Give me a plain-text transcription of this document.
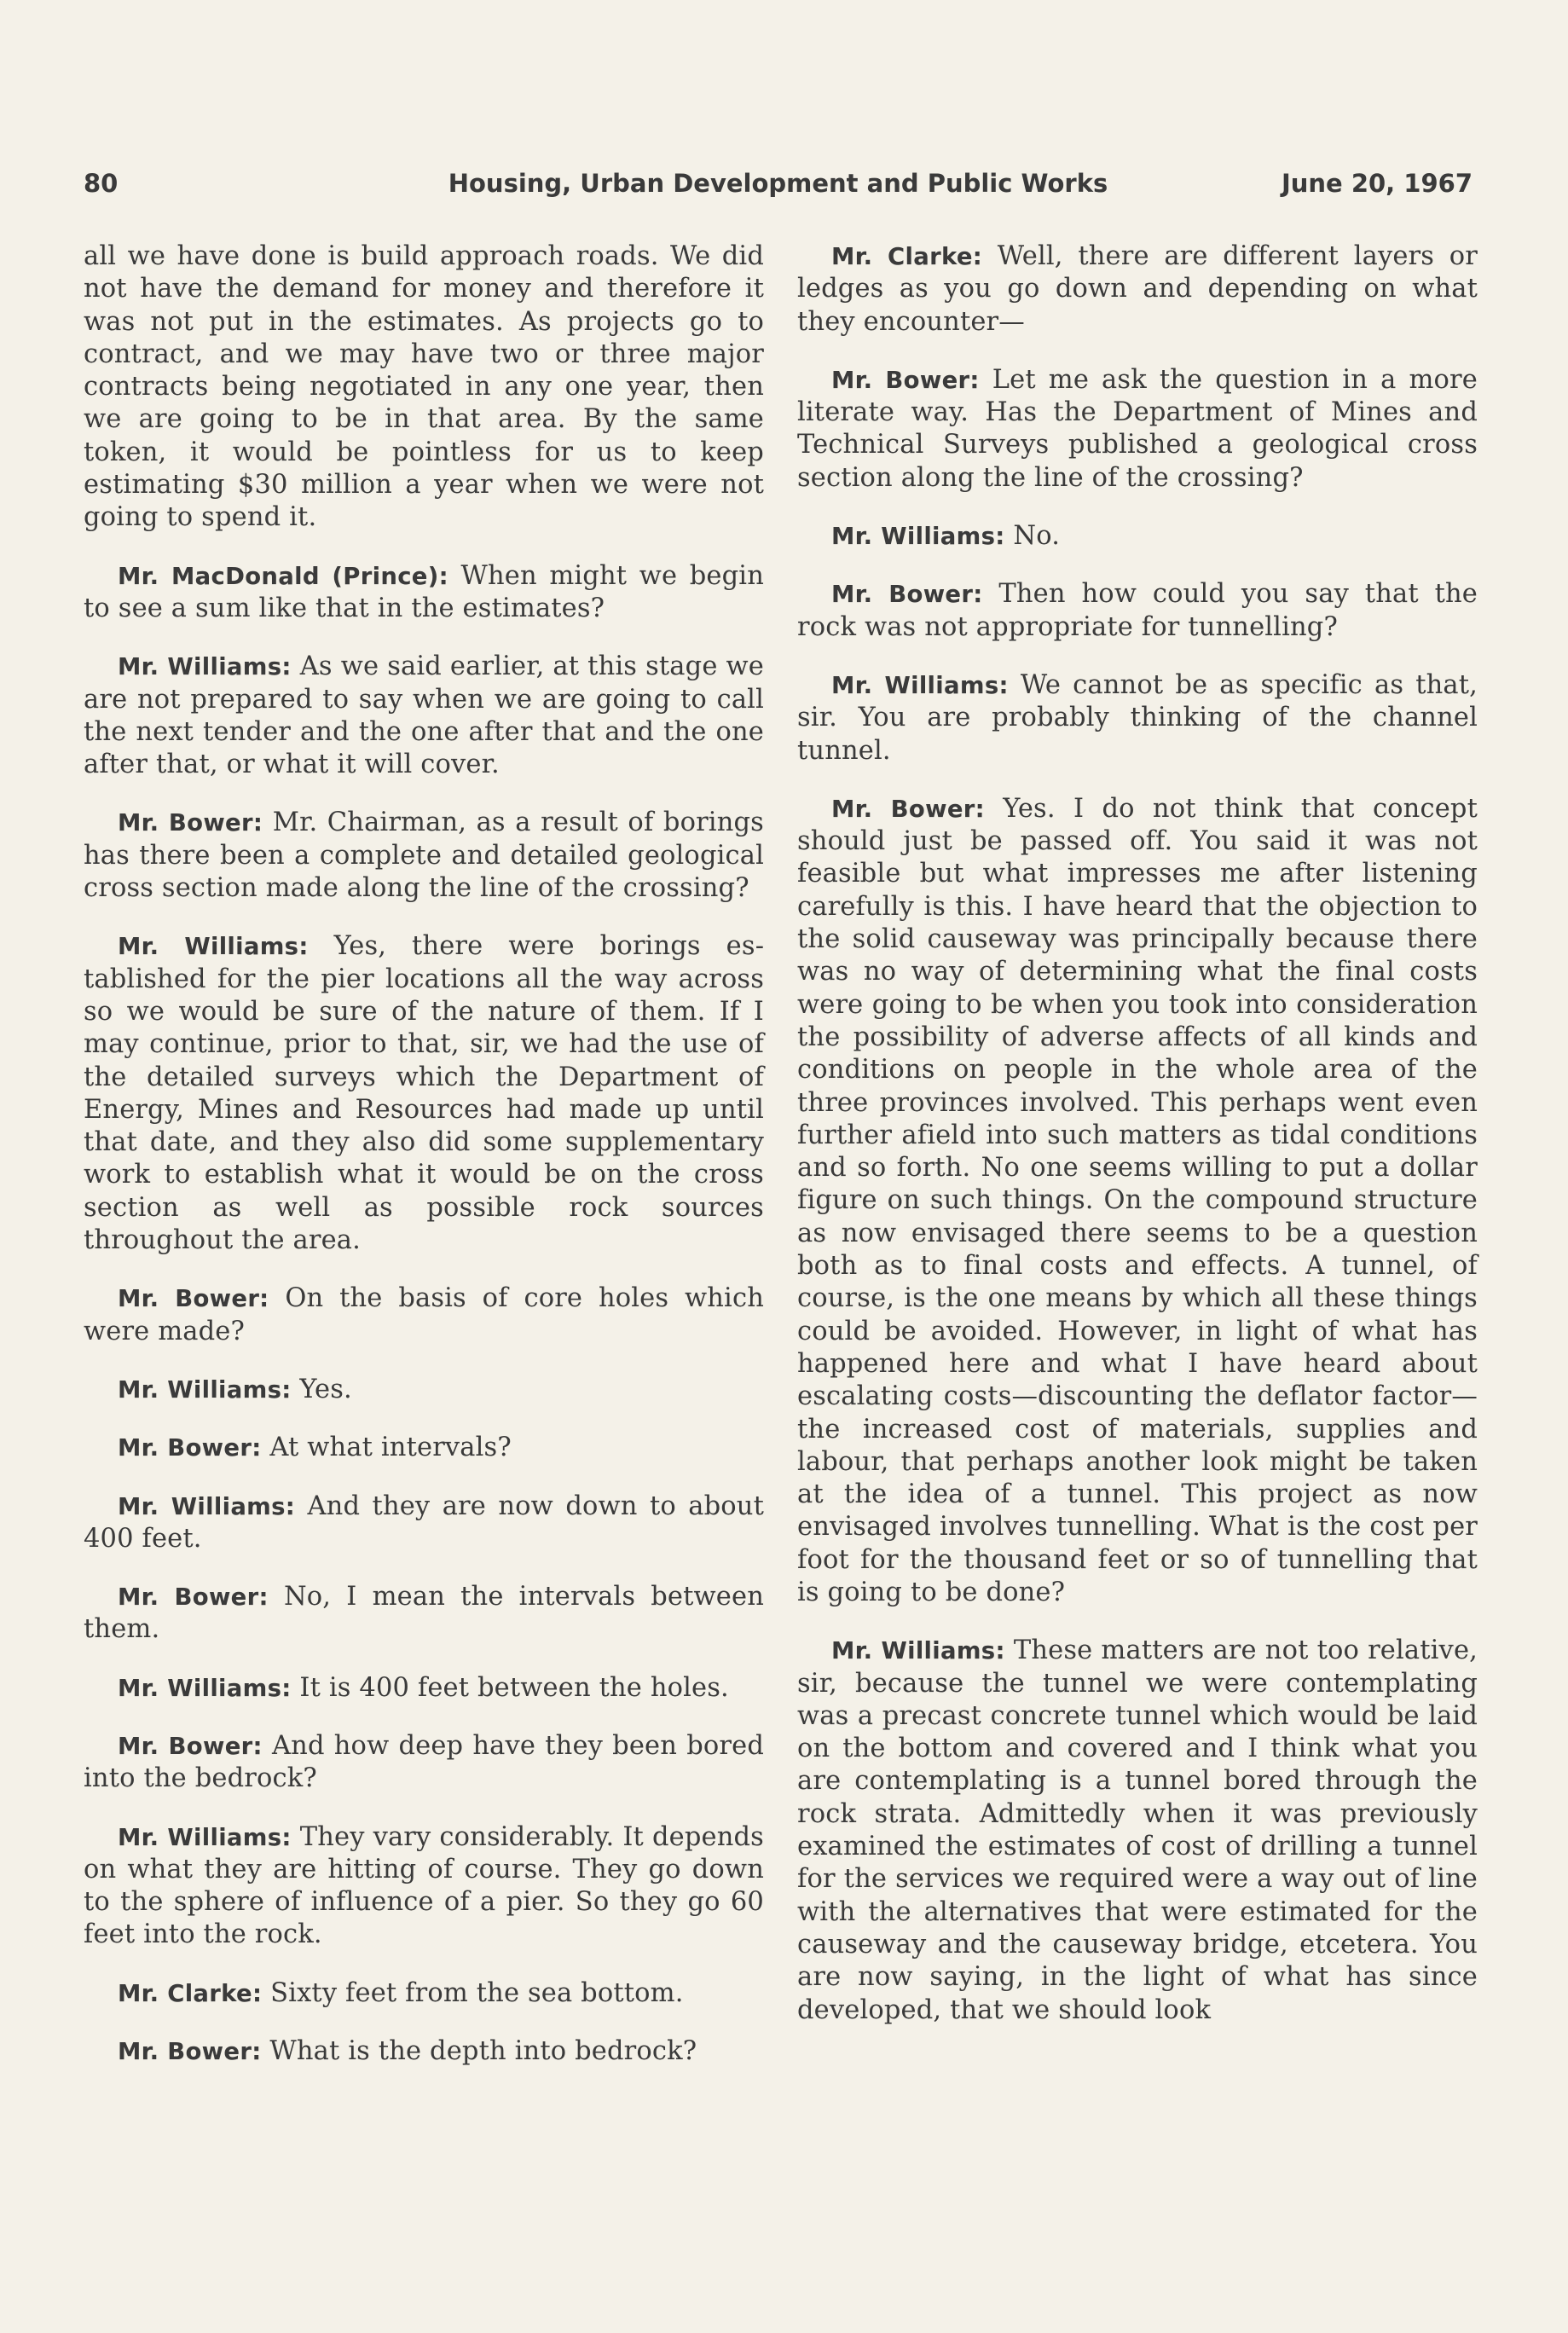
80	Housing, Urban Development and Public Works	June 20, 1967

all we have done is build approach roads. We did not have the demand for money and therefore it was not put in the estimates. As projects go to contract, and we may have two or three major contracts being negotiated in any one year, then we are going to be in that area. By the same token, it would be pointless for us to keep estimating $30 million a year when we were not going to spend it.

Mr. MacDonald (Prince): When might we begin to see a sum like that in the estimates?

Mr. Williams: As we said earlier, at this stage we are not prepared to say when we are going to call the next tender and the one after that and the one after that, or what it will cover.

Mr. Bower: Mr. Chairman, as a result of borings has there been a complete and detailed geological cross section made along the line of the crossing?

Mr. Williams: Yes, there were borings established for the pier locations all the way across so we would be sure of the nature of them. If I may continue, prior to that, sir, we had the use of the detailed surveys which the Department of Energy, Mines and Resources had made up until that date, and they also did some supplementary work to establish what it would be on the cross section as well as possible rock sources throughout the area.

Mr. Bower: On the basis of core holes which were made?

Mr. Williams: Yes.

Mr. Bower: At what intervals?

Mr. Williams: And they are now down to about 400 feet.

Mr. Bower: No, I mean the intervals between them.

Mr. Williams: It is 400 feet between the holes.

Mr. Bower: And how deep have they been bored into the bedrock?

Mr. Williams: They vary considerably. It depends on what they are hitting of course. They go down to the sphere of influence of a pier. So they go 60 feet into the rock.

Mr. Clarke: Sixty feet from the sea bottom.

Mr. Bower: What is the depth into bedrock?

Mr. Clarke: Well, there are different layers or ledges as you go down and depending on what they encounter—

Mr. Bower: Let me ask the question in a more literate way. Has the Department of Mines and Technical Surveys published a geological cross section along the line of the crossing?

Mr. Williams: No.

Mr. Bower: Then how could you say that the rock was not appropriate for tunnelling?

Mr. Williams: We cannot be as specific as that, sir. You are probably thinking of the channel tunnel.

Mr. Bower: Yes. I do not think that concept should just be passed off. You said it was not feasible but what impresses me after listening carefully is this. I have heard that the objection to the solid causeway was principally because there was no way of determining what the final costs were going to be when you took into consideration the possibility of adverse affects of all kinds and conditions on people in the whole area of the three provinces involved. This perhaps went even further afield into such matters as tidal conditions and so forth. No one seems willing to put a dollar figure on such things. On the compound structure as now envisaged there seems to be a question both as to final costs and effects. A tunnel, of course, is the one means by which all these things could be avoided. However, in light of what has happened here and what I have heard about escalating costs—discounting the deflator factor—the increased cost of materials, supplies and labour, that perhaps another look might be taken at the idea of a tunnel. This project as now envisaged involves tunnelling. What is the cost per foot for the thousand feet or so of tunnelling that is going to be done?

Mr. Williams: These matters are not too relative, sir, because the tunnel we were contemplating was a precast concrete tunnel which would be laid on the bottom and covered and I think what you are contemplating is a tunnel bored through the rock strata. Admittedly when it was previously examined the estimates of cost of drilling a tunnel for the services we required were a way out of line with the alternatives that were estimated for the causeway and the causeway bridge, etcetera. You are now saying, in the light of what has since developed, that we should look
